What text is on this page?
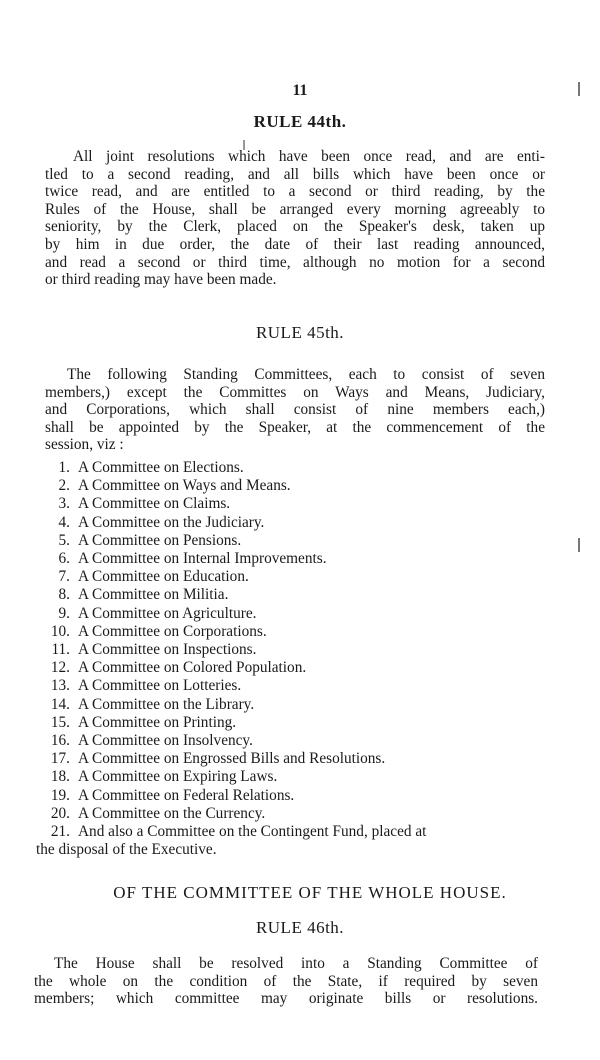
11
RULE 44th.
All joint resolutions which have been once read, and are enti-
tled to a second reading, and all bills which have been once or
twice read, and are entitled to a second or third reading, by the
Rules of the House, shall be arranged every morning agreeably to
seniority, by the Clerk, placed on the Speaker's desk, taken up
by him in due order, the date of their last reading announced,
and read a second or third time, although no motion for a second
or third reading may have been made.
RULE 45th.
The following Standing Committees, each to consist of seven
members,) except the Committes on Ways and Means, Judiciary,
and Corporations, which shall consist of nine members each,)
shall be appointed by the Speaker, at the commencement of the
session, viz :
1. A Committee on Elections.
2. A Committee on Ways and Means.
3. A Committee on Claims.
4. A Committee on the Judiciary.
5. A Committee on Pensions.
6. A Committee on Internal Improvements.
7. A Committee on Education.
8. A Committee on Militia.
9. A Committee on Agriculture.
10. A Committee on Corporations.
11. A Committee on Inspections.
12. A Committee on Colored Population.
13. A Committee on Lotteries.
14. A Committee on the Library.
15. A Committee on Printing.
16. A Committee on Insolvency.
17. A Committee on Engrossed Bills and Resolutions.
18. A Committee on Expiring Laws.
19. A Committee on Federal Relations.
20. A Committee on the Currency.
21. And also a Committee on the Contingent Fund, placed at
the disposal of the Executive.
OF THE COMMITTEE OF THE WHOLE HOUSE.
RULE 46th.
The House shall be resolved into a Standing Committee of
the whole on the condition of the State, if required by seven
members; which committee may originate bills or resolutions.
